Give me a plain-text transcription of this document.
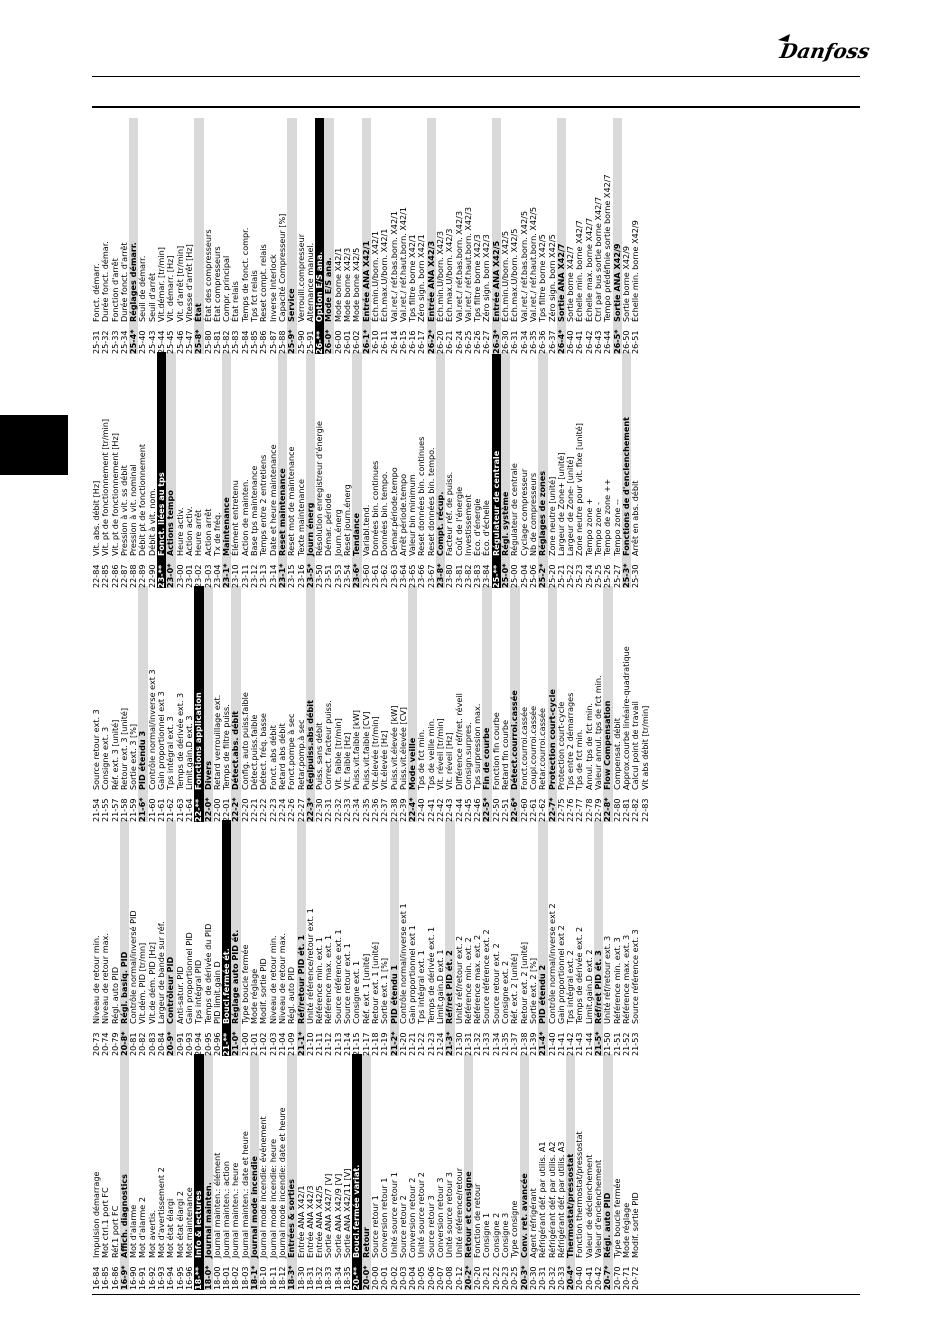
Danfoss
16-84
Impulsion démarrage
16-85
Mot ctrl.1 port FC
16-86
Réf.1 port FC
16-9*
Affich. diagnostics
16-90
Mot d'alarme
16-91
Mot d'alarme 2
16-92
Mot avertis.
16-93
Mot d'avertissement 2
16-94
Mot état élargi
16-95
Mot état élargi 2
16-96
Mot maintenance
18-**
Info & lectures
18-0*
Journal mainten.
18-00
Journal mainten.: élément
18-01
Journal mainten.: action
18-02
Journal mainten.: heure
18-03
Journal mainten.: date et heure
18-1*
Journal mode incendie
18-10
Journal mode incendie: événement
18-11
Journal mode incendie: heure
18-12
Journal mode incendie: date et heure
18-3*
Entrées & sorties
18-30
Entrée ANA X42/1
18-31
Entrée ANA X42/3
18-32
Entrée ANA X42/5
18-33
Sortie ANA X42/7 [V]
18-34
Sortie ANA X42/9 [V]
18-35
Sortie ANA X42/11 [V]
20-**
Boucl.fermée variat.
20-0*
Retour
20-00
Source retour 1
20-01
Conversion retour 1
20-02
Unité source retour 1
20-03
Source retour 2
20-04
Conversion retour 2
20-05
Unité source retour 2
20-06
Source retour 3
20-07
Conversion retour 3
20-08
Unité source retour 3
20-12
Unité référence/retour
20-2*
Retour et consigne
20-20
Fonction de retour
20-21
Consigne 1
20-22
Consigne 2
20-23
Consigne 3
20-25
Type consigne
20-3*
Conv. ret. avancée
20-30
Agent réfrigérant
20-31
Réfrigérant déf. par utilis. A1
20-32
Réfrigérant déf. par utilis. A2
20-33
Réfrigérant déf. par utilis. A3
20-4*
Thermostat/pressostat
20-40
Fonction thermostat/pressostat
20-41
Valeur de déclenchement
20-42
Valeur d'enclenchement
20-7*
Régl. auto PID
20-70
Type boucle fermée
20-71
Mode réglage
20-72
Modif. sortie PID
20-73
Niveau de retour min.
20-74
Niveau de retour max.
20-79
Régl. auto PID
20-8*
Régl. basiq. PID
20-81
Contrôle normal/inversé PID
20-82
Vit.dém. PID [tr/mn]
20-83
Vit.de dém. PID [Hz]
20-84
Largeur de bande sur réf.
20-9*
Contrôleur PID
20-91
Anti-satur. PID
20-93
Gain proportionnel PID
20-94
Tps intégral PID
20-95
Temps de dérivée du PID
20-96
PID limit.gain D
21-**
Boucl.fermée ét.
21-0*
Réglage auto PID ét.
21-00
Type boucle fermée
21-01
Mode réglage
21-02
Modif. sortie PID
21-03
Niveau de retour min.
21-04
Niveau de retour max.
21-09
Régl. auto PID
21-1*
Réf/retour PID ét. 1
21-10
Unité référence/retour ext. 1
21-11
Référence min. ext. 1
21-12
Référence max. ext. 1
21-13
Source référence ext. 1
21-14
Source retour ext. 1
21-15
Consigne ext. 1
21-17
Réf. ext. 1 [unité]
21-18
Retour ext. 1 [unité]
21-19
Sortie ext. 1 [%]
21-2*
PID étendu 1
21-20
Contrôle normal/inverse ext 1
21-21
Gain proportionnel ext 1
21-22
Tps intégral ext. 1
21-23
Temps de dérivée ext. 1
21-24
Limit.gain.D ext. 1
21-3*
Réf/ret PID ét. 2
21-30
Unité réf/retour ext. 2
21-31
Référence min. ext. 2
21-32
Référence max. ext. 2
21-33
Source référence ext. 2
21-34
Source retour ext. 2
21-35
Consigne ext. 2
21-37
Réf. ext. 2 [unité]
21-38
Retour ext. 2 [unité]
21-39
Sortie ext. 2 [%]
21-4*
PID étendu 2
21-40
Contrôle normal/inverse ext 2
21-41
Gain proportionnel ext 2
21-42
Tps intégral ext. 2
21-43
Temps de dérivée ext. 2
21-44
Limit.gain.D ext. 2
21-5*
Réf/ret PID ét. 3
21-50
Unité réf/retour ext. 3
21-51
Référence min. ext. 3
21-52
Référence max. ext. 3
21-53
Source référence ext. 3
21-54
Source retour ext. 3
21-55
Consigne ext. 3
21-57
Réf. ext. 3 [unité]
21-58
Retour ext. 3 [unité]
21-59
Sortie ext. 3 [%]
21-6*
PID étendu 3
21-60
Contrôle normal/inverse ext 3
21-61
Gain proportionnel ext 3
21-62
Tps intégral ext. 3
21-63
Temps de dérivée ext. 3
21-64
Limit.gain.D ext. 3
22-**
Fonctions application
22-0*
Divers
22-00
Retard verrouillage ext.
22-01
Temps de filtre puiss.
22-2*
Détect.abs. débit
22-20
Config. auto puiss.faible
22-21
Détect.puiss.faible
22-22
Détect. fréq. basse
22-23
Fonct. abs débit
22-24
Retard abs débit
22-26
Fonct.pompe à sec
22-27
Retar.pomp.à sec
22-3*
Réglpuiss.abs débit
22-30
Puiss. sans débit
22-31
Correct. facteur puiss.
22-32
Vit. faible [tr/min]
22-33
Vit. faible [Hz]
22-34
Puiss.vit.faible [kW]
22-35
Puiss.vit.faible [CV]
22-36
Vit.élevée [tr/min]
22-37
Vit.élevée [Hz]
22-38
Puiss.vit.élevée [kW]
22-39
Puiss.vit.élevée [CV]
22-4*
Mode veille
22-40
Tps de fct min.
22-41
Tps de veille min.
22-42
Vit. réveil [tr/min]
22-43
Vit. réveil [Hz]
22-44
Différence réf/ret. réveil
22-45
Consign.surpres.
22-46
Tps surpression max.
22-5*
Fin de courbe
22-50
Fonction fin courbe
22-51
Retard fin courbe
22-6*
Détect.courroi.cassée
22-60
Fonct.courroi.cassée
22-61
Coupl.courroi.cassée
22-62
Retar.courroi.cassée
22-7*
Protection court-cycle
22-75
Protection court-cycle
22-76
Tps entre 2 démarrages
22-77
Tps de fct min.
22-78
Annul. tps de fct min.
22-79
Valeur annul. tps de fct min.
22-8*
Flow Compensation
22-80
Compensat. débit
22-81
Approx.courbe linéaire-quadratique
22-82
Calcul point de travail
22-83
Vit abs débit [tr/min]
22-84
Vit. abs. débit [Hz]
22-85
Vit. pt de fonctionnement [tr/min]
22-86
Vit. pt de fonctionnement [Hz]
22-87
Pression à vit. ss débit
22-88
Pression à vit. nominal
22-89
Débit pt de fonctionnement
22-90
Débit à vit. nom.
23-**
Fonct. liées au tps
23-0*
Actions tempo
23-00
Heure activ.
23-01
Action activ.
23-02
Heure arrêt
23-03
Action arrêt
23-04
Tx de fréq.
23-1*
Maintenance
23-10
Élément entretenu
23-11
Action de mainten.
23-12
Base tps maintenance
23-13
Temps entre 2 entretiens
23-14
Date et heure maintenance
23-1*
Reset maintenance
23-15
Reset mot de maintenance
23-16
Texte maintenance
23-5*
Journ énerg
23-50
Résolution enregistreur d'énergie
23-51
Démar. période
23-53
Journ.énerg
23-54
Reset journ.énerg
23-6*
Tendance
23-60
Variabl.tend.
23-61
Données bin. continues
23-62
Données bin. tempo.
23-63
Démar.période.tempo
23-64
Arrêt période.tempo
23-65
Valeur bin minimum
23-66
Reset données bin. continues
23-67
Reset données bin. tempo.
23-8*
Compt. récup.
23-80
Facteur réf. de puiss.
23-81
Coût de l'énergie
23-82
Investissement
23-83
Éco. d'énergie
23-84
Éco. d'échelle
25-**
Régulateur de centrale
25-0*
Régl. système
25-00
Régulateur de centrale
25-04
Cyclage compresseur
25-06
Nb de compresseurs
25-2*
Réglages de zones
25-20
Zone neutre [unité]
25-21
Largeur de Zone+ [unité]
25-22
Largeur de Zone- [unité]
25-23
Zone neutre pour vit. fixe [unité]
25-24
Tempo zone +
25-25
Tempo zone -
25-26
Tempo de zone ++
25-27
Tempo zone --
25-3*
Fonctions de d'enclenchement
25-30
Arrêt en abs. débit
25-31
Fonct. démarr.
25-32
Durée fonct. démar.
25-33
Fonction d'arrêt
25-34
Durée fonct. d'arrêt
25-4*
Réglages démarr.
25-40
Seuil de démarr.
25-43
Seuil d'arrêt
25-44
Vit.démar. [tr/min]
25-45
Vit. démarr. [Hz]
25-46
Vit. d'arrêt [tr/min]
25-47
Vitesse d'arrêt [Hz]
25-8*
État
25-80
État des compresseurs
25-81
État compresseurs
25-82
Compr. principal
25-83
État relais
25-84
Temps de fonct. compr.
25-85
Tps fct relais
25-86
Reset compt. relais
25-87
Inverse Interlock
25-88
Capacité Compresseur [%]
25-9*
Service
25-90
Verrouill.compresseur
25-91
Alternance manuel.
26-**
Option E/S ana.
26-0*
Mode E/S ana.
26-00
Mode borne X42/1
26-01
Mode borne X42/3
26-02
Mode borne X42/5
26-1*
Entrée ANA X42/1
26-10
Éch.min.U/born. X42/1
26-11
Éch.max.U/born. X42/1
26-14
Val.ret./ réf.bas.born. X42/1
26-15
Val.ret./ réf.haut.born. X42/1
26-16
Tps filtre borne X42/1
26-17
Zéro sign. born X42/1
26-2*
Entrée ANA X42/3
26-20
Éch.min.U/born. X42/3
26-21
Éch.max.U/born. X42/3
26-24
Val.ret./ réf.bas.born. X42/3
26-25
Val.ret./ réf.haut.born. X42/3
26-26
Tps filtre borne X42/3
26-27
Zéro sign. born X42/3
26-3*
Entrée ANA X42/5
26-30
Éch.min.U/born. X42/5
26-31
Éch.max.U/born. X42/5
26-34
Val.ret./ réf.bas.born. X42/5
26-35
Val.ret./ réf.haut.born. X42/5
26-36
Tps filtre borne X42/5
26-37
Zéro sign. born X42/5
26-4*
Sortie ANA X42/7
26-40
Sortie borne X42/7
26-41
Échelle min. borne X42/7
26-42
Échelle max. borne X42/7
26-43
Ctrl par bus sortie borne X42/7
26-44
Tempo prédéfinie sortie borne X42/7
26-5*
Sortie ANA X42/9
26-50
Sortie borne X42/9
26-51
Échelle min. borne X42/9
